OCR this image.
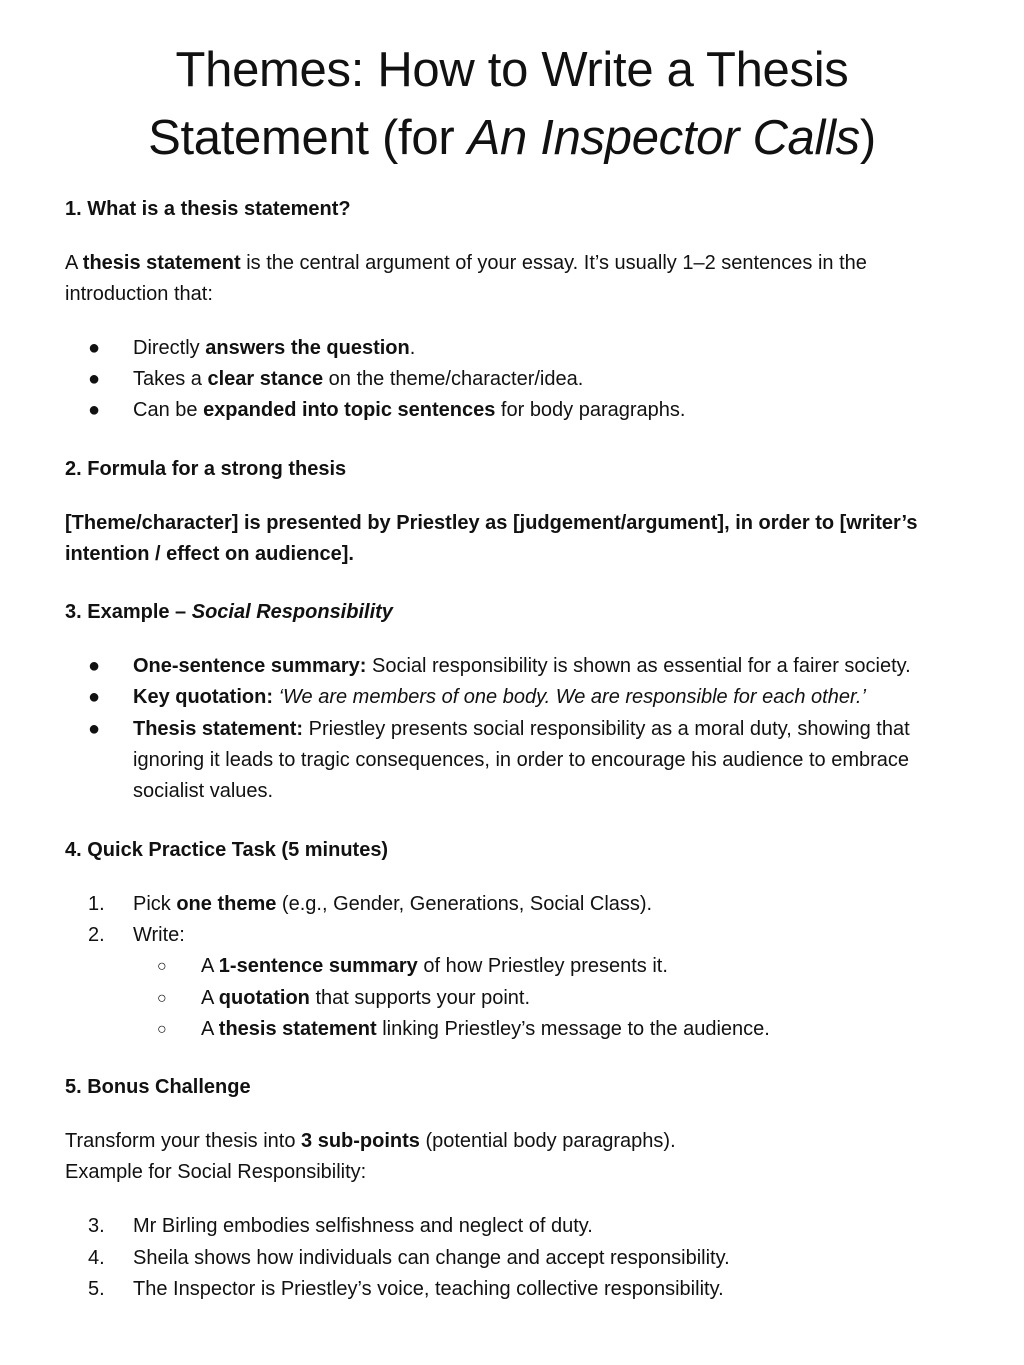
Themes: How to Write a Thesis
Statement (for An Inspector Calls)

1. What is a thesis statement?

A thesis statement is the central argument of your essay. It’s usually 1–2 sentences in the

introduction that:

● Directly answers the question.

● Takes a clear stance on the theme/character/idea.

● Can be expanded into topic sentences for body paragraphs.

2. Formula for a strong thesis

[Theme/character] is presented by Priestley as [judgement/argument], in order to [writer’s

intention / effect on audience].

3. Example – Social Responsibility

● One-sentence summary: Social responsibility is shown as essential for a fairer society.

● Key quotation: ‘We are members of one body. We are responsible for each other.’

● Thesis statement: Priestley presents social responsibility as a moral duty, showing that

ignoring it leads to tragic consequences, in order to encourage his audience to embrace

socialist values.

4. Quick Practice Task (5 minutes)

1. Pick one theme (e.g., Gender, Generations, Social Class).

2. Write:

○ A 1-sentence summary of how Priestley presents it.

○ A quotation that supports your point.

○ A thesis statement linking Priestley’s message to the audience.

5. Bonus Challenge

Transform your thesis into 3 sub-points (potential body paragraphs).

Example for Social Responsibility:

3. Mr Birling embodies selfishness and neglect of duty.

4. Sheila shows how individuals can change and accept responsibility.

5. The Inspector is Priestley’s voice, teaching collective responsibility.
